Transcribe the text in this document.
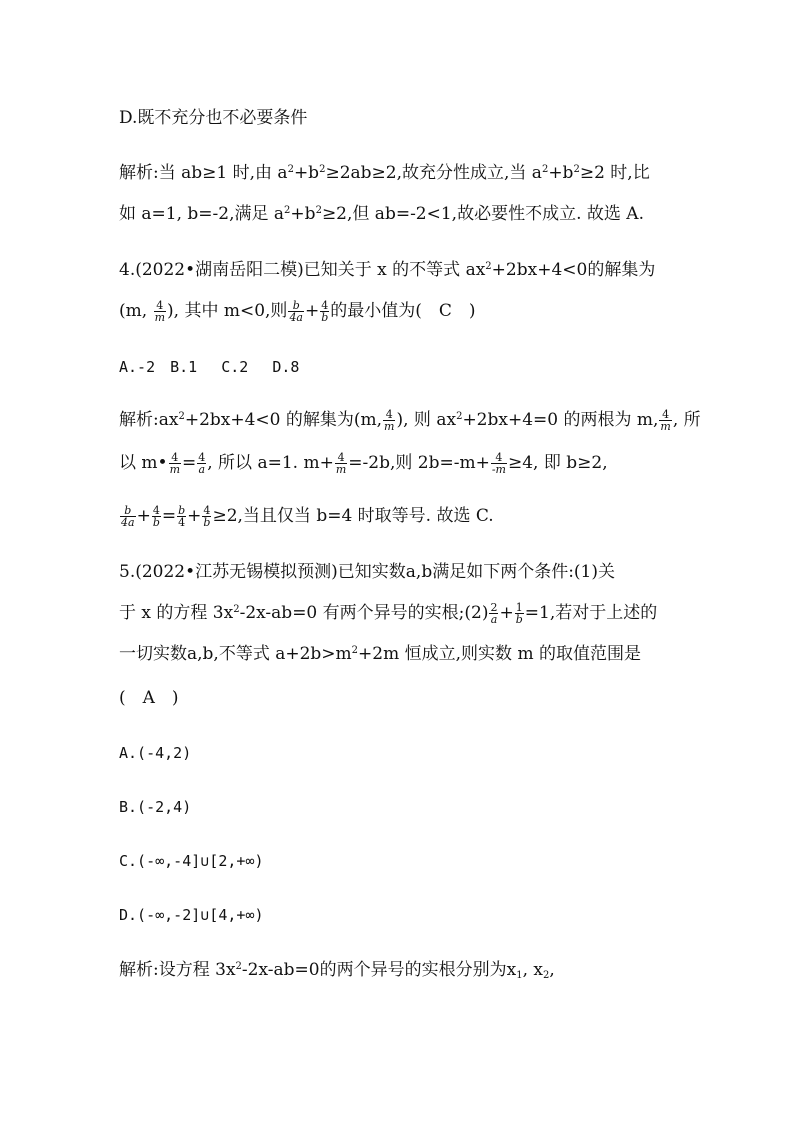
D.既不充分也不必要条件
解析:当 ab≥1 时,由 $a^2+b^2\ge 2ab\ge 2$,故充分性成立,当 $a^2+b^2\ge 2$ 时,比
如 a=1, b=-2,满足 $a^2+b^2\ge 2$,但 ab=-2<1,故必要性不成立. 故选 A.
4.(2022•湖南岳阳二模)已知关于 x 的不等式 $ax^2+2bx+4<0$的解集为
(m, $\frac{4}{m}$ ), 其中 m<0,则 $\frac{b}{4a} + \frac{4}{b}$ 的最小值为(　C　)
A.-2　B.1　 C.2　 D.8
解析$:ax^2+2bx+4<0$ 的解集为(m, $\frac{4}{m}$ ), 则 $ax^2+2bx+4=0$ 的两根为 m, $\frac{4}{m}$ , 所
以 m• $\frac{4}{m} = \frac{4}{a}$ , 所以 a=1. $m+ \frac{4}{m} =-2b$,则 $2b=-m+ \frac{4}{-m} \ge 4$, 即 b≥2,
$\frac{b}{4a} + \frac{4}{b} = \frac{b}{4} + \frac{4}{b} \ge 2$,当且仅当 b=4 时取等号. 故选 C.
5.(2022•江苏无锡模拟预测)已知实数a,b满足如下两个条件:(1)关
于 x 的方程 $3x^2-2x-ab=0$ 有两个异号的实根;(2) $\frac{2}{a} + \frac{1}{b} =1$,若对于上述的
一切实数a,b,不等式 $a+2b>m^2+2m$ 恒成立,则实数 m 的取值范围是
(　A　)
A.(-4,2)
B.(-2,4)
C.(-∞,-4]∪[2,+∞)
D.(-∞,-2]∪[4,+∞)
解析:设方程 $3x^2-2x-ab=0$的两个异号的实根分别为$x_1$, $x_2$,
